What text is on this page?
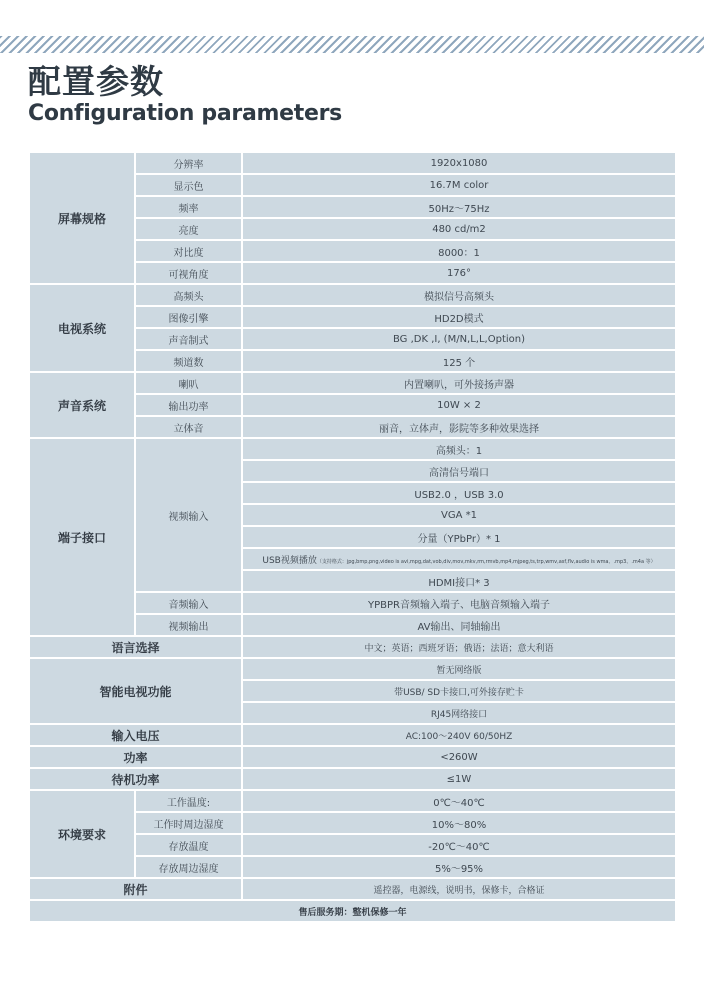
配置参数
Configuration parameters
屏幕规格	分辨率	1920x1080
	显示色	16.7M color
	频率	50Hz～75Hz
	亮度	480 cd/m2
	对比度	8000：1
	可视角度	176°
电视系统	高频头	模拟信号高频头
	图像引擎	HD2D模式
	声音制式	BG ,DK ,I, (M/N,L,L,Option)
	频道数	125 个
声音系统	喇叭	内置喇叭，可外接扬声器
	输出功率	10W × 2
	立体音	丽音，立体声，影院等多种效果选择
端子接口	视频输入	高频头：1
		高清信号端口
		USB2.0 ，USB 3.0
		VGA *1
		分量（YPbPr）* 1
		USB视频播放（支持格式：jpg,bmp,png,video is avi,mpg,dat,vob,div,mov,mkv,rm,rmvb,mp4,mjpeg,ts,trp,wmv,asf,flv,audio is wma、.mp3、.m4a 等）
		HDMI接口* 3
	音频输入	YPBPR音频输入端子、电脑音频输入端子
	视频输出	AV输出、同轴输出
语言选择		中文；英语；西班牙语；俄语；法语；意大利语
智能电视功能		暂无网络版
		带USB/ SD卡接口,可外接存贮卡
		RJ45网络接口
输入电压		AC:100～240V 60/50HZ
功率		<260W
待机功率		≤1W
环境要求	工作温度:	0℃～40℃
	工作时周边湿度	10%～80%
	存放温度	-20℃～40℃
	存放周边湿度	5%～95%
附件		遥控器，电源线，说明书，保修卡，合格证
售后服务期：整机保修一年		
